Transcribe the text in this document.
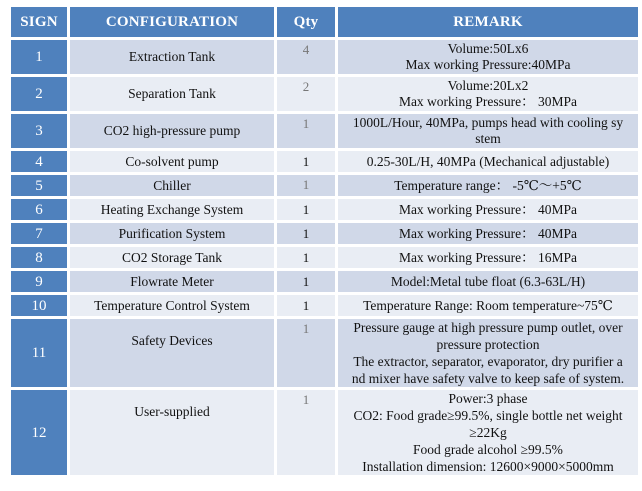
SIGN	CONFIGURATION	Qty	REMARK
1	Extraction Tank	4	Volume:50Lx6
Max working Pressure:40MPa

2	Separation Tank	2	Volume:20Lx2
Max working Pressure： 30MPa

3	CO2 high-pressure pump	1	1000L/Hour, 40MPa, pumps head with cooling sy
stem

4	Co-solvent pump	1	0.25-30L/H, 40MPa (Mechanical adjustable)

5	Chiller	1	Temperature range： -5℃～+5℃

6	Heating Exchange System	1	Max working Pressure： 40MPa

7	Purification System	1	Max working Pressure： 40MPa

8	CO2 Storage Tank	1	Max working Pressure： 16MPa

9	Flowrate Meter	1	Model:Metal tube float (6.3-63L/H)

10	Temperature Control System	1	Temperature Range: Room temperature~75℃

11	Safety Devices	1	Pressure gauge at high pressure pump outlet, over
pressure protection
The extractor, separator, evaporator, dry purifier a
nd mixer have safety valve to keep safe of system.

12	User-supplied	1	Power:3 phase
CO2: Food grade≥99.5%, single bottle net weight
≥22Kg
Food grade alcohol ≥99.5%
Installation dimension: 12600×9000×5000mm
